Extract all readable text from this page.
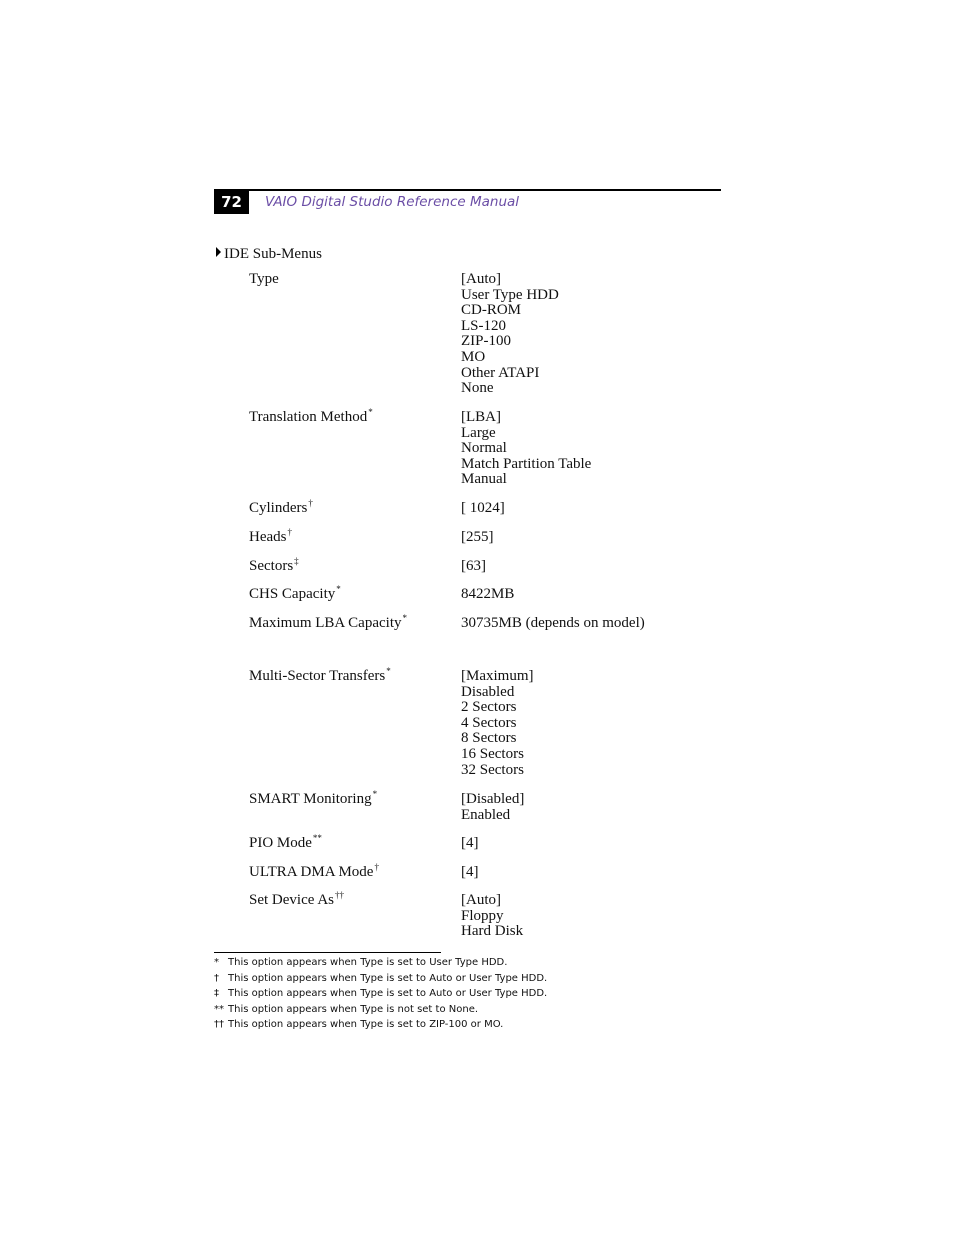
72	VAIO Digital Studio Reference Manual
IDE Sub-Menus
Type	[Auto]
User Type HDD
CD-ROM
LS-120
ZIP-100
MO
Other ATAPI
None
Translation Method*	[LBA]
Large
Normal
Match Partition Table
Manual
Cylinders†	[ 1024]
Heads†	[255]
Sectors‡	[63]
CHS Capacity*	8422MB
Maximum LBA Capacity*	30735MB (depends on model)
Multi-Sector Transfers*	[Maximum]
Disabled
2 Sectors
4 Sectors
8 Sectors
16 Sectors
32 Sectors
SMART Monitoring*	[Disabled]
Enabled
PIO Mode**	[4]
ULTRA DMA Mode†	[4]
Set Device As††	[Auto]
Floppy
Hard Disk
* This option appears when Type is set to User Type HDD.
† This option appears when Type is set to Auto or User Type HDD.
‡ This option appears when Type is set to Auto or User Type HDD.
** This option appears when Type is not set to None.
†† This option appears when Type is set to ZIP-100 or MO.
